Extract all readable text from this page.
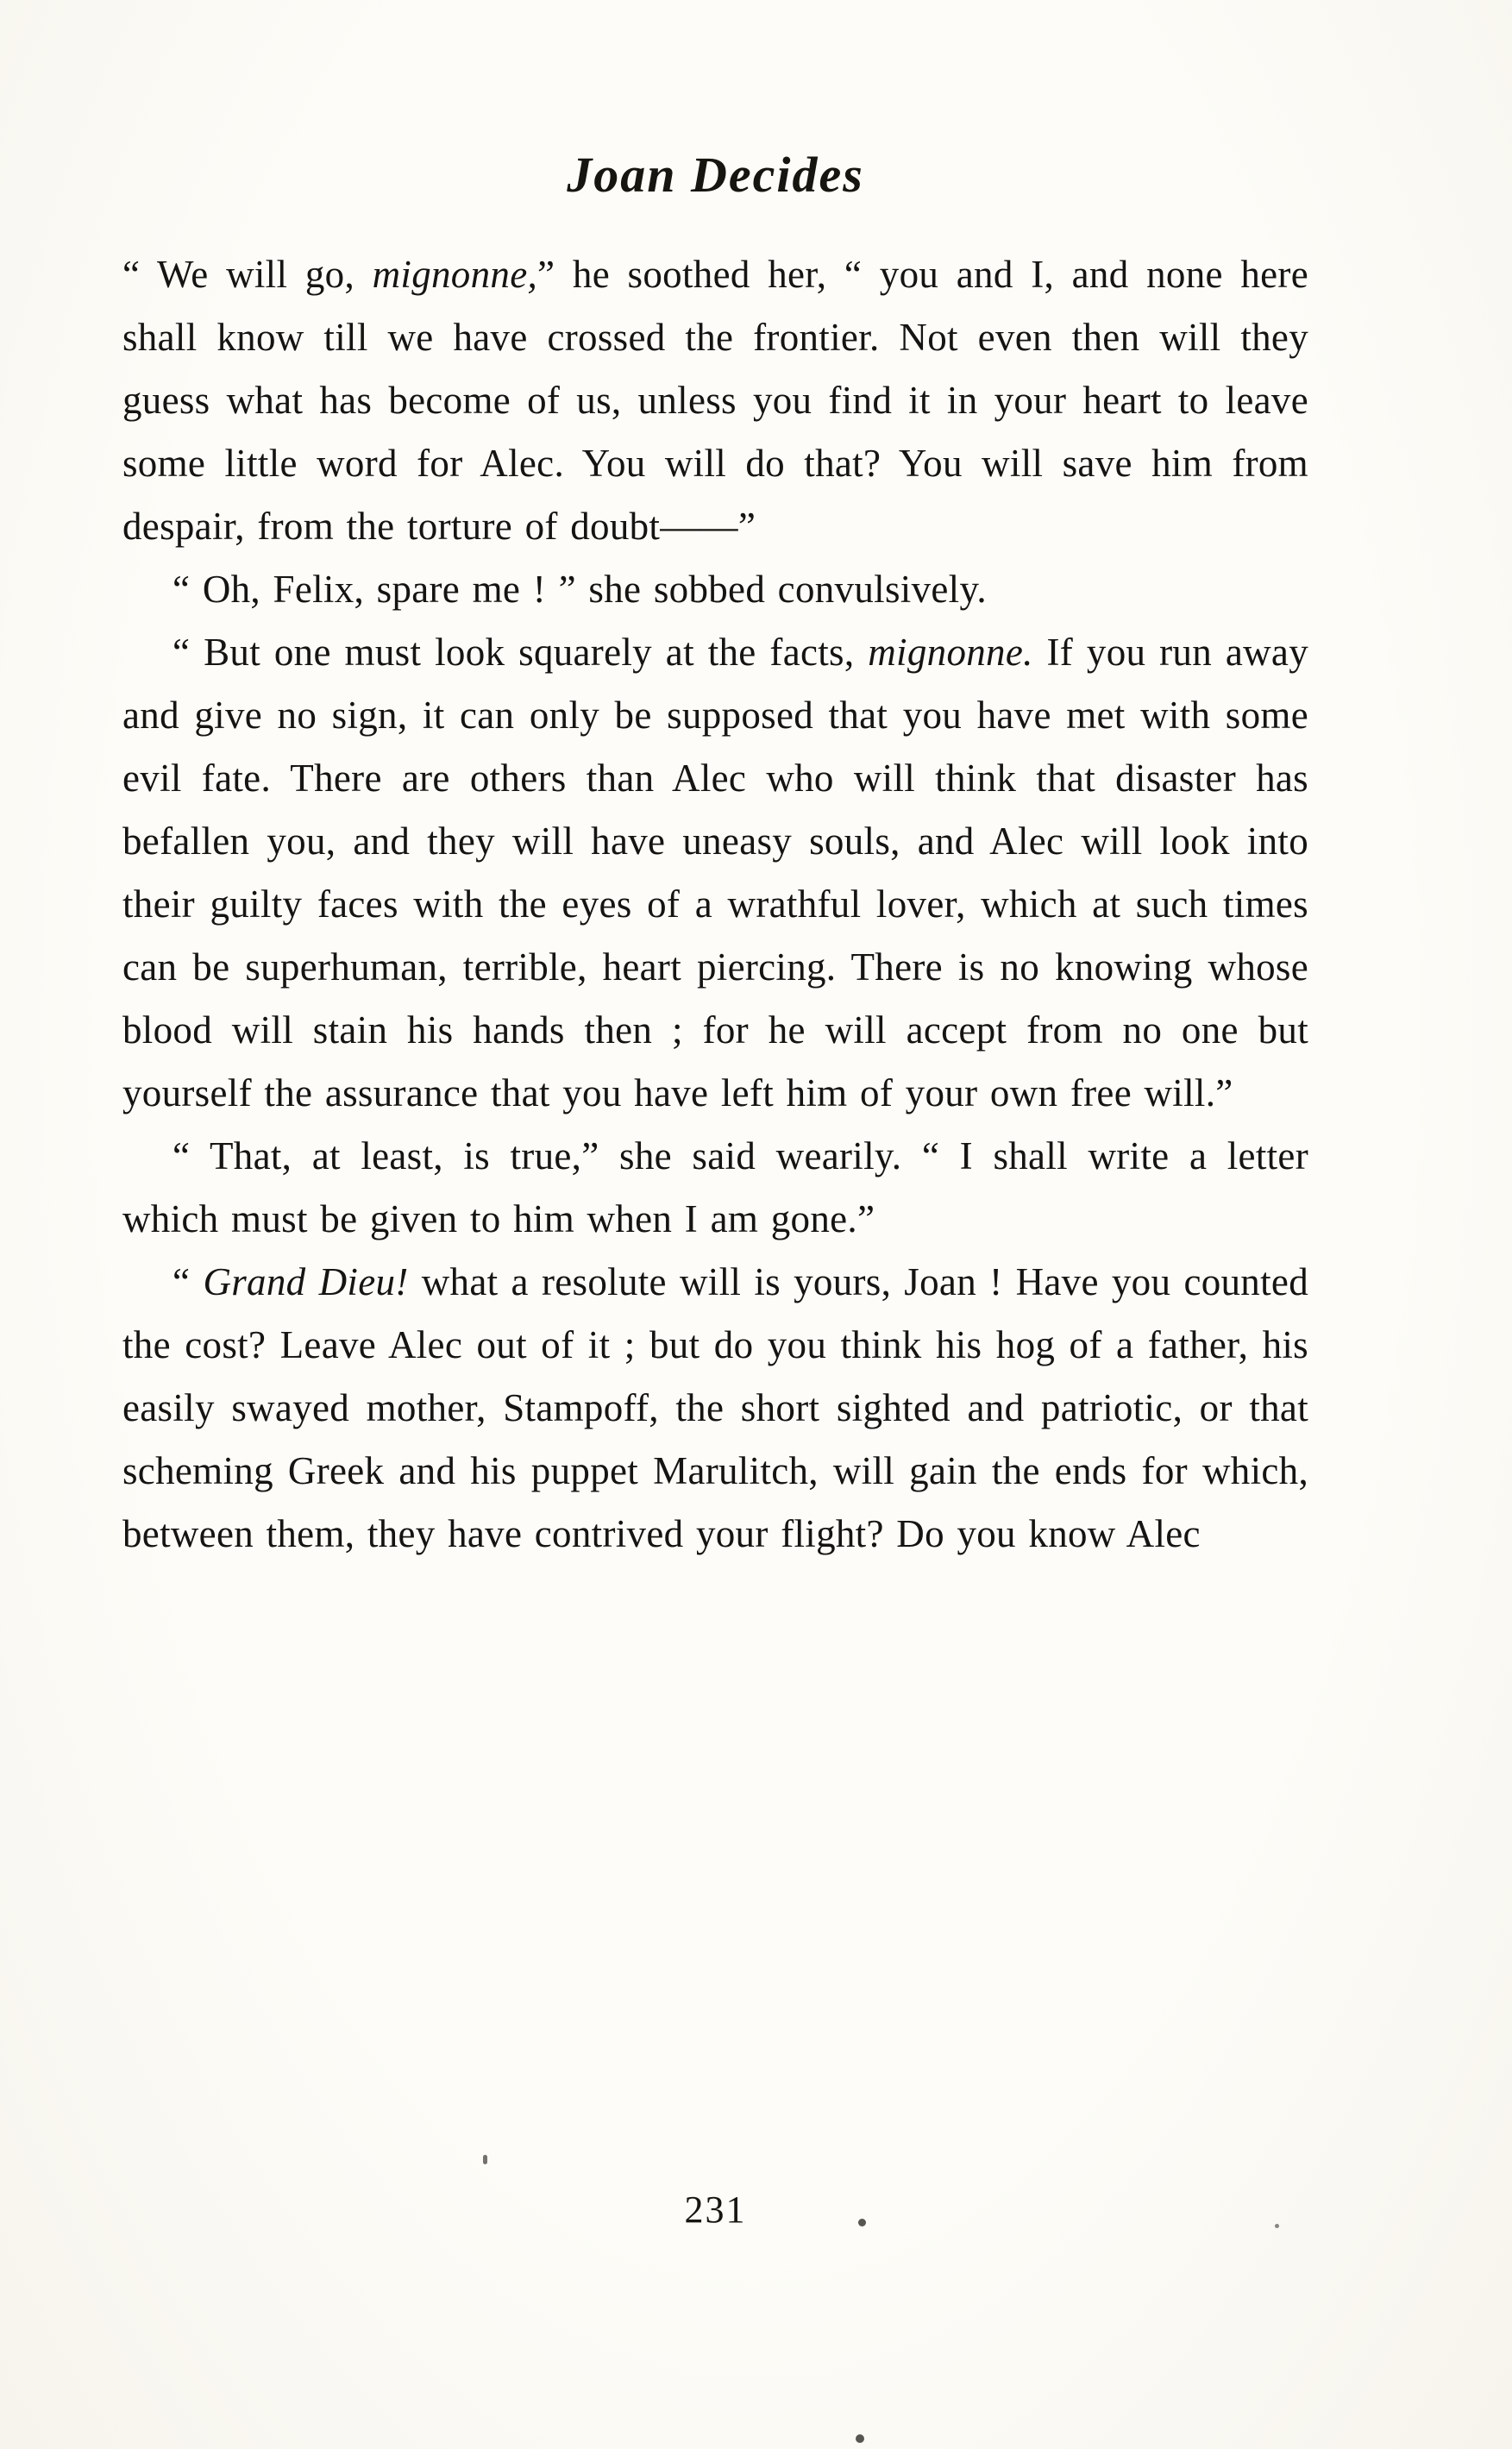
Joan Decides

“ We will go, mignonne,” he soothed her, “ you and I, and none here shall know till we have crossed the frontier. Not even then will they guess what has become of us, unless you find it in your heart to leave some little word for Alec. You will do that? You will save him from despair, from the torture of doubt——”

“ Oh, Felix, spare me ! ” she sobbed convulsively.

“ But one must look squarely at the facts, mignonne. If you run away and give no sign, it can only be supposed that you have met with some evil fate. There are others than Alec who will think that disaster has befallen you, and they will have uneasy souls, and Alec will look into their guilty faces with the eyes of a wrathful lover, which at such times can be superhuman, terrible, heart piercing. There is no knowing whose blood will stain his hands then ; for he will accept from no one but yourself the assurance that you have left him of your own free will.”

“ That, at least, is true,” she said wearily. “ I shall write a letter which must be given to him when I am gone.”

“ Grand Dieu! what a resolute will is yours, Joan ! Have you counted the cost? Leave Alec out of it ; but do you think his hog of a father, his easily swayed mother, Stampoff, the short sighted and patriotic, or that scheming Greek and his puppet Marulitch, will gain the ends for which, between them, they have contrived your flight? Do you know Alec

231
